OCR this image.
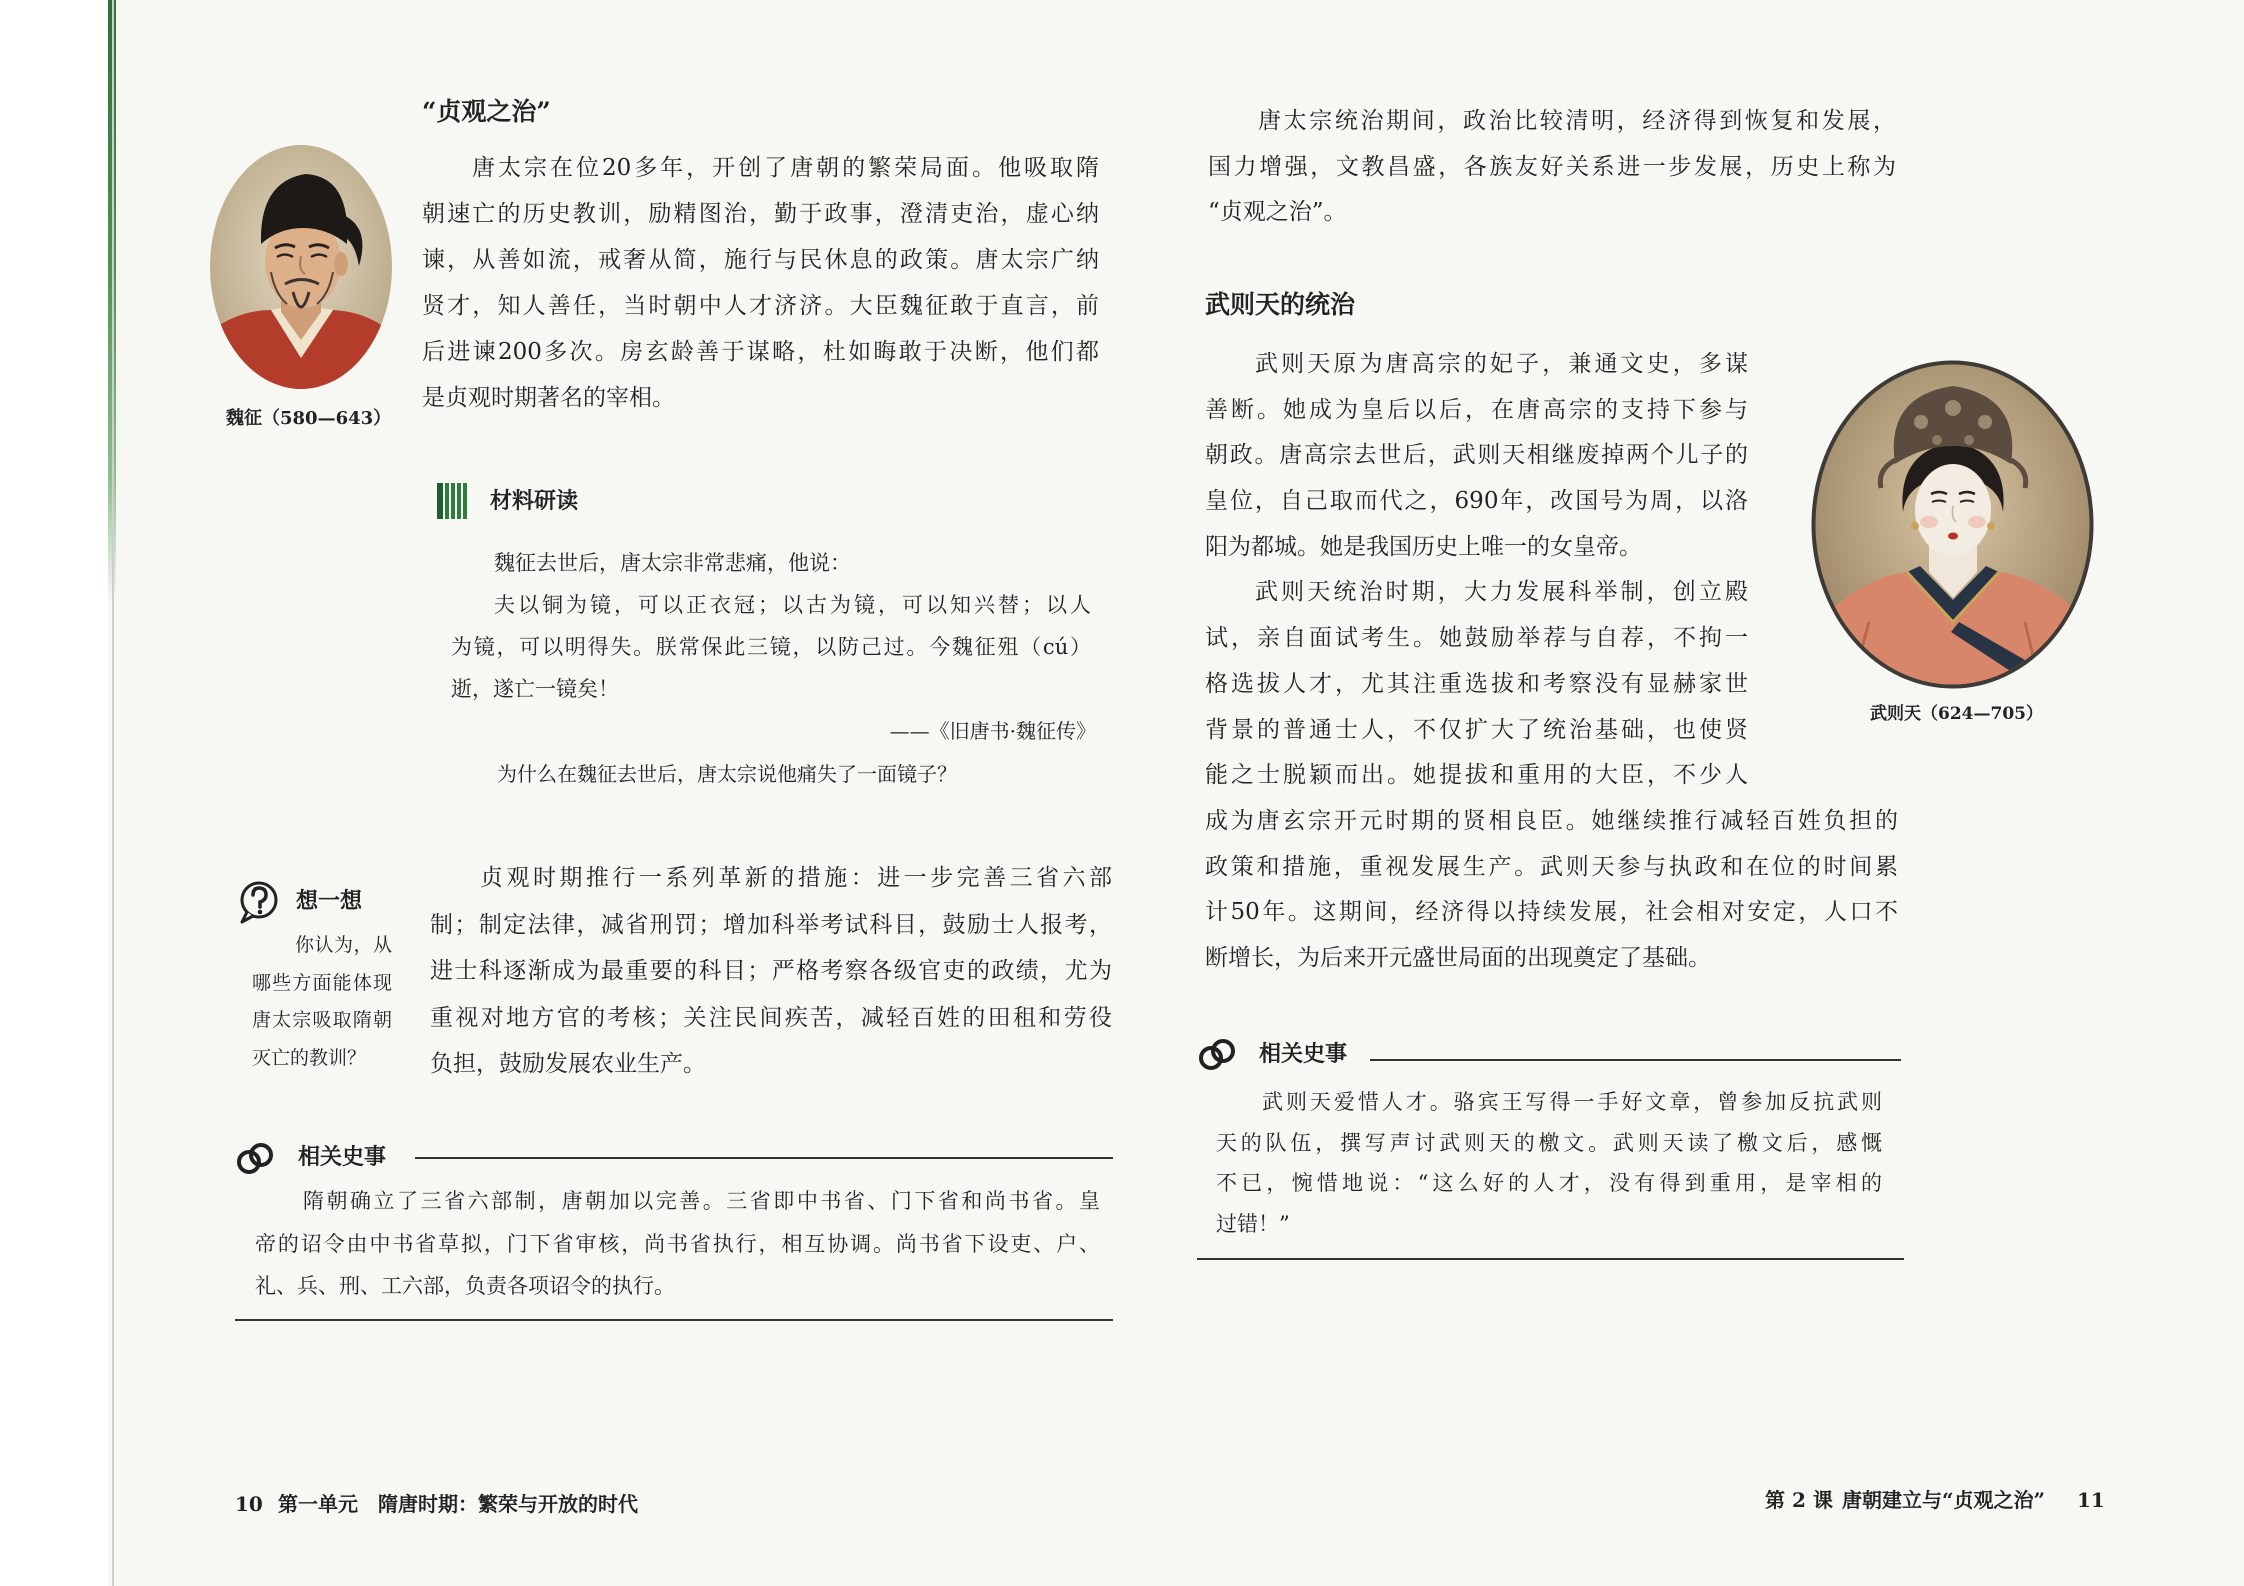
“贞观之治”
唐太宗在位20多年，开创了唐朝的繁荣局面。他吸取隋
朝速亡的历史教训，励精图治，勤于政事，澄清吏治，虚心纳
谏，从善如流，戒奢从简，施行与民休息的政策。唐太宗广纳
贤才，知人善任，当时朝中人才济济。大臣魏征敢于直言，前
后进谏200多次。房玄龄善于谋略，杜如晦敢于决断，他们都
是贞观时期著名的宰相。
魏征（580—643）
材料研读
魏征去世后，唐太宗非常悲痛，他说：
夫以铜为镜，可以正衣冠；以古为镜，可以知兴替；以人
为镜，可以明得失。朕常保此三镜，以防己过。今魏征殂（cú）
逝，遂亡一镜矣！
——《旧唐书·魏征传》
为什么在魏征去世后，唐太宗说他痛失了一面镜子？
想一想
你认为，从
哪些方面能体现
唐太宗吸取隋朝
灭亡的教训？
贞观时期推行一系列革新的措施：进一步完善三省六部
制；制定法律，减省刑罚；增加科举考试科目，鼓励士人报考，
进士科逐渐成为最重要的科目；严格考察各级官吏的政绩，尤为
重视对地方官的考核；关注民间疾苦，减轻百姓的田租和劳役
负担，鼓励发展农业生产。
相关史事
隋朝确立了三省六部制，唐朝加以完善。三省即中书省、门下省和尚书省。皇
帝的诏令由中书省草拟，门下省审核，尚书省执行，相互协调。尚书省下设吏、户、
礼、兵、刑、工六部，负责各项诏令的执行。
10 第一单元 隋唐时期：繁荣与开放的时代
唐太宗统治期间，政治比较清明，经济得到恢复和发展，
国力增强，文教昌盛，各族友好关系进一步发展，历史上称为
“贞观之治”。
武则天的统治
武则天原为唐高宗的妃子，兼通文史，多谋
善断。她成为皇后以后，在唐高宗的支持下参与
朝政。唐高宗去世后，武则天相继废掉两个儿子的
皇位，自己取而代之，690年，改国号为周，以洛
阳为都城。她是我国历史上唯一的女皇帝。
武则天统治时期，大力发展科举制，创立殿
试，亲自面试考生。她鼓励举荐与自荐，不拘一
格选拔人才，尤其注重选拔和考察没有显赫家世
背景的普通士人，不仅扩大了统治基础，也使贤
能之士脱颖而出。她提拔和重用的大臣，不少人
成为唐玄宗开元时期的贤相良臣。她继续推行减轻百姓负担的
政策和措施，重视发展生产。武则天参与执政和在位的时间累
计50年。这期间，经济得以持续发展，社会相对安定，人口不
断增长，为后来开元盛世局面的出现奠定了基础。
武则天（624—705）
相关史事
武则天爱惜人才。骆宾王写得一手好文章，曾参加反抗武则
天的队伍，撰写声讨武则天的檄文。武则天读了檄文后，感慨
不已，惋惜地说：“这么好的人才，没有得到重用，是宰相的
过错！”
第 2 课 唐朝建立与“贞观之治” 11
